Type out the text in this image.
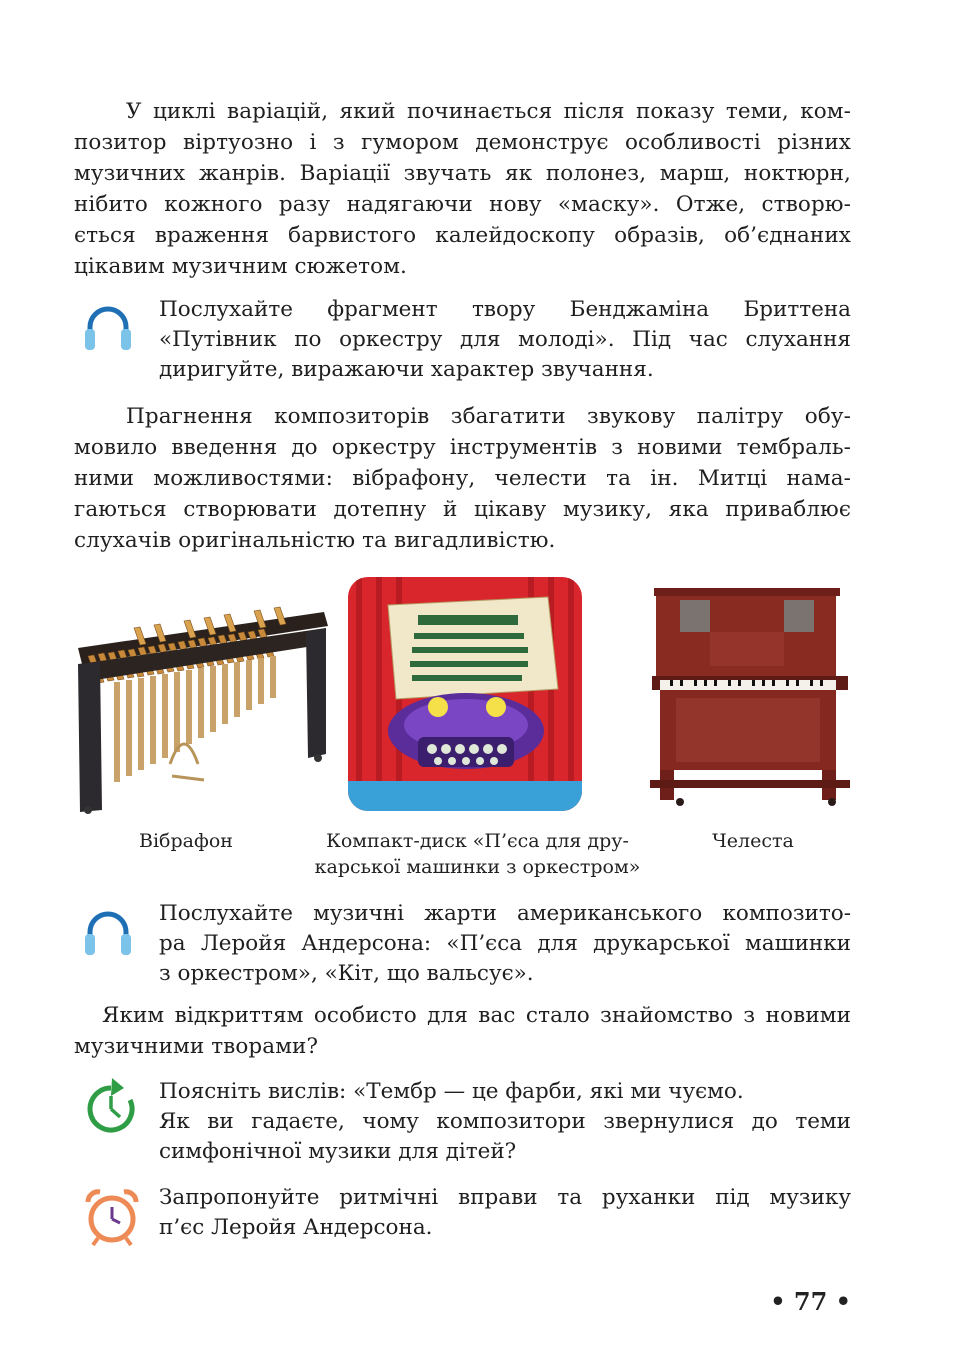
У циклі варіацій, який починається після показу теми, ком-
позитор віртуозно і з гумором демонструє особливості різних
музичних жанрів. Варіації звучать як полонез, марш, ноктюрн,
нібито кожного разу надягаючи нову «маску». Отже, створю-
ється враження барвистого калейдоскопу образів, об’єднаних
цікавим музичним сюжетом.
Послухайте фрагмент твору Бенджаміна Бриттена
«Путівник по оркестру для молоді». Під час слухання
диригуйте, виражаючи характер звучання.
Прагнення композиторів збагатити звукову палітру обу-
мовило введення до оркестру інструментів з новими тембраль-
ними можливостями: вібрафону, челести та ін. Митці нама-
гаються створювати дотепну й цікаву музику, яка приваблює
слухачів оригінальністю та вигадливістю.
Вібрафон	Компакт-диск «П’єса для дру-
карської машинки з оркестром»
Челеста
Послухайте музичні жарти американського композито-
ра Леройя Андерсона: «П’єса для друкарської машинки
з оркестром», «Кіт, що вальсує».
Яким відкриттям особисто для вас стало знайомство з новими
музичними творами?
Поясніть вислів: «Тембр — це фарби, які ми чуємо.
Як ви гадаєте, чому композитори звернулися до теми
симфонічної музики для дітей?
Запропонуйте ритмічні вправи та руханки під музику
п’єс Леройя Андерсона.
• 77 •
